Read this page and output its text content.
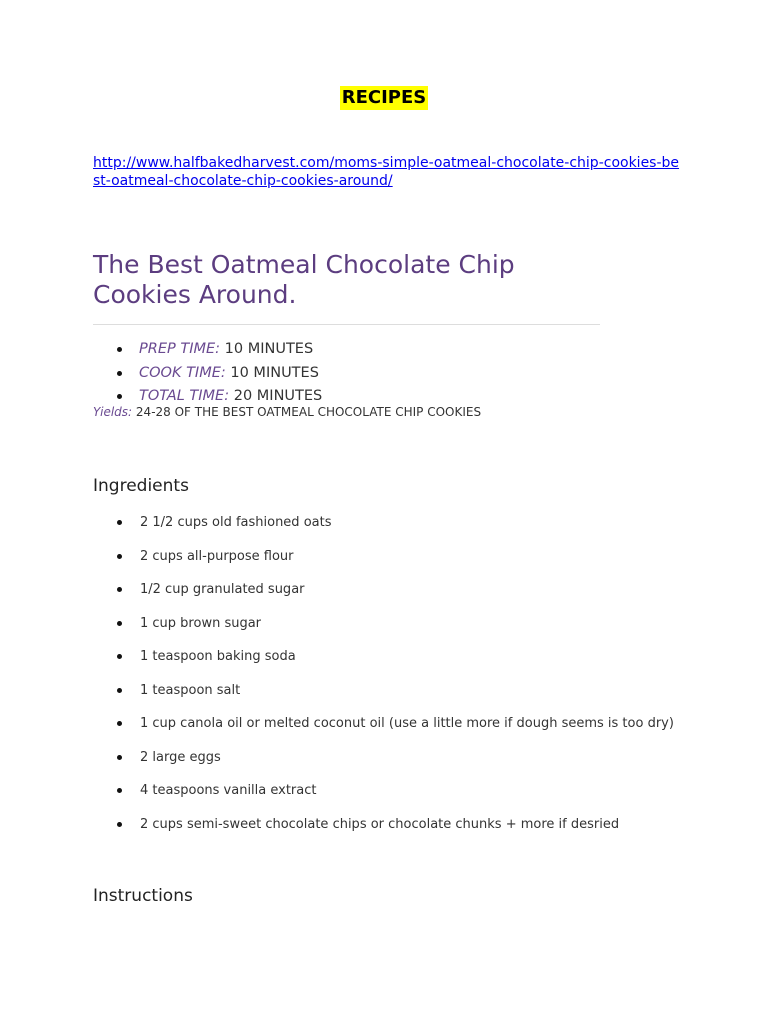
RECIPES
http://www.halfbakedharvest.com/moms-simple-oatmeal-chocolate-chip-cookies-best-oatmeal-chocolate-chip-cookies-around/
The Best Oatmeal Chocolate Chip Cookies Around.
PREP TIME: 10 MINUTES
COOK TIME: 10 MINUTES
TOTAL TIME: 20 MINUTES
Yields: 24-28 OF THE BEST OATMEAL CHOCOLATE CHIP COOKIES
Ingredients
2 1/2 cups old fashioned oats
2 cups all-purpose flour
1/2 cup granulated sugar
1 cup brown sugar
1 teaspoon baking soda
1 teaspoon salt
1 cup canola oil or melted coconut oil (use a little more if dough seems is too dry)
2 large eggs
4 teaspoons vanilla extract
2 cups semi-sweet chocolate chips or chocolate chunks + more if desried
Instructions
